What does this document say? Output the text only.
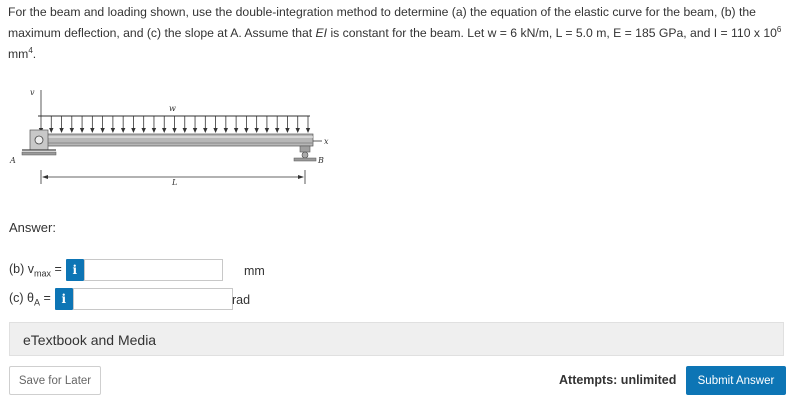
For the beam and loading shown, use the double-integration method to determine (a) the equation of the elastic curve for the beam, (b) the maximum deflection, and (c) the slope at A. Assume that EI is constant for the beam. Let w = 6 kN/m, L = 5.0 m, E = 185 GPa, and I = 110 x $10^6$ $mm^4$.
v
w
x
A	B
L
Answer:
(b) $v_{max} = i$	mm
(c) $\theta_A = i$	rad
eTextbook and Media
Save for Later	Attempts: unlimited	Submit Answer
